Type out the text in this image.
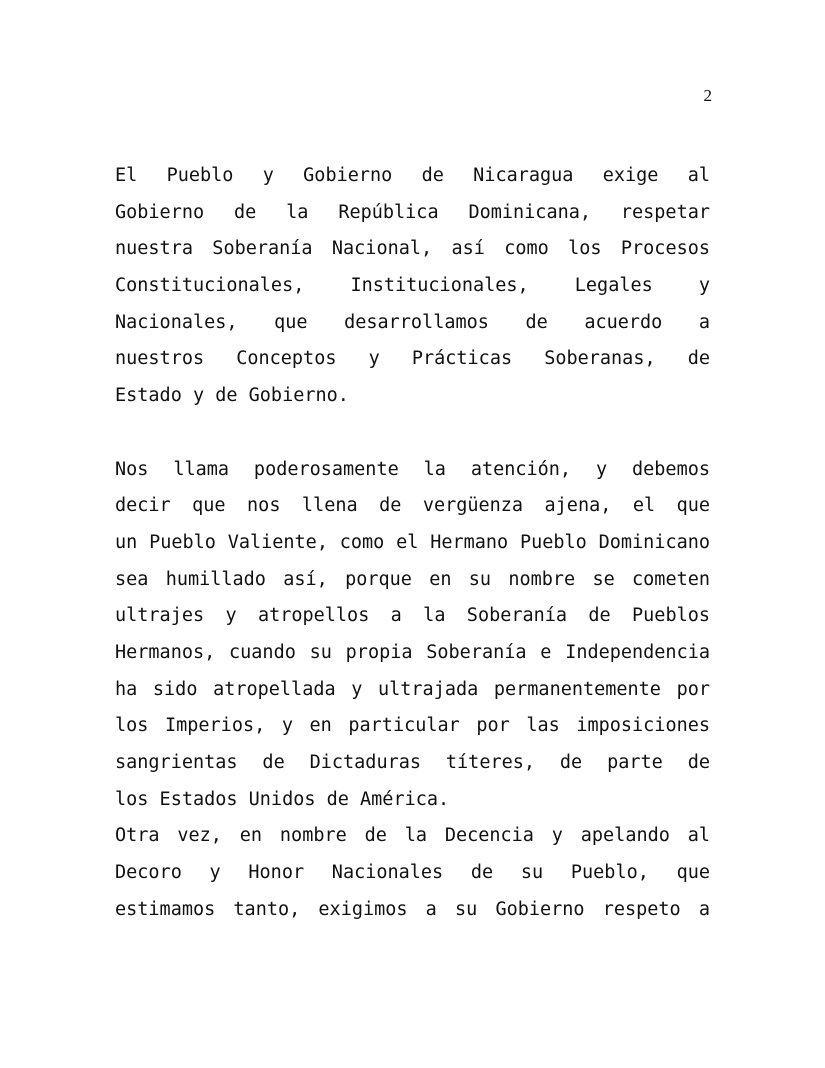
2
El Pueblo y Gobierno de Nicaragua exige al
Gobierno de la República Dominicana, respetar
nuestra Soberanía Nacional, así como los Procesos
Constitucionales, Institucionales, Legales y
Nacionales, que desarrollamos de acuerdo a
nuestros Conceptos y Prácticas Soberanas, de
Estado y de Gobierno.
Nos llama poderosamente la atención, y debemos
decir que nos llena de vergüenza ajena, el que
un Pueblo Valiente, como el Hermano Pueblo Dominicano
sea humillado así, porque en su nombre se cometen
ultrajes y atropellos a la Soberanía de Pueblos
Hermanos, cuando su propia Soberanía e Independencia
ha sido atropellada y ultrajada permanentemente por
los Imperios, y en particular por las imposiciones
sangrientas de Dictaduras títeres, de parte de
los Estados Unidos de América.
Otra vez, en nombre de la Decencia y apelando al
Decoro y Honor Nacionales de su Pueblo, que
estimamos tanto, exigimos a su Gobierno respeto a
